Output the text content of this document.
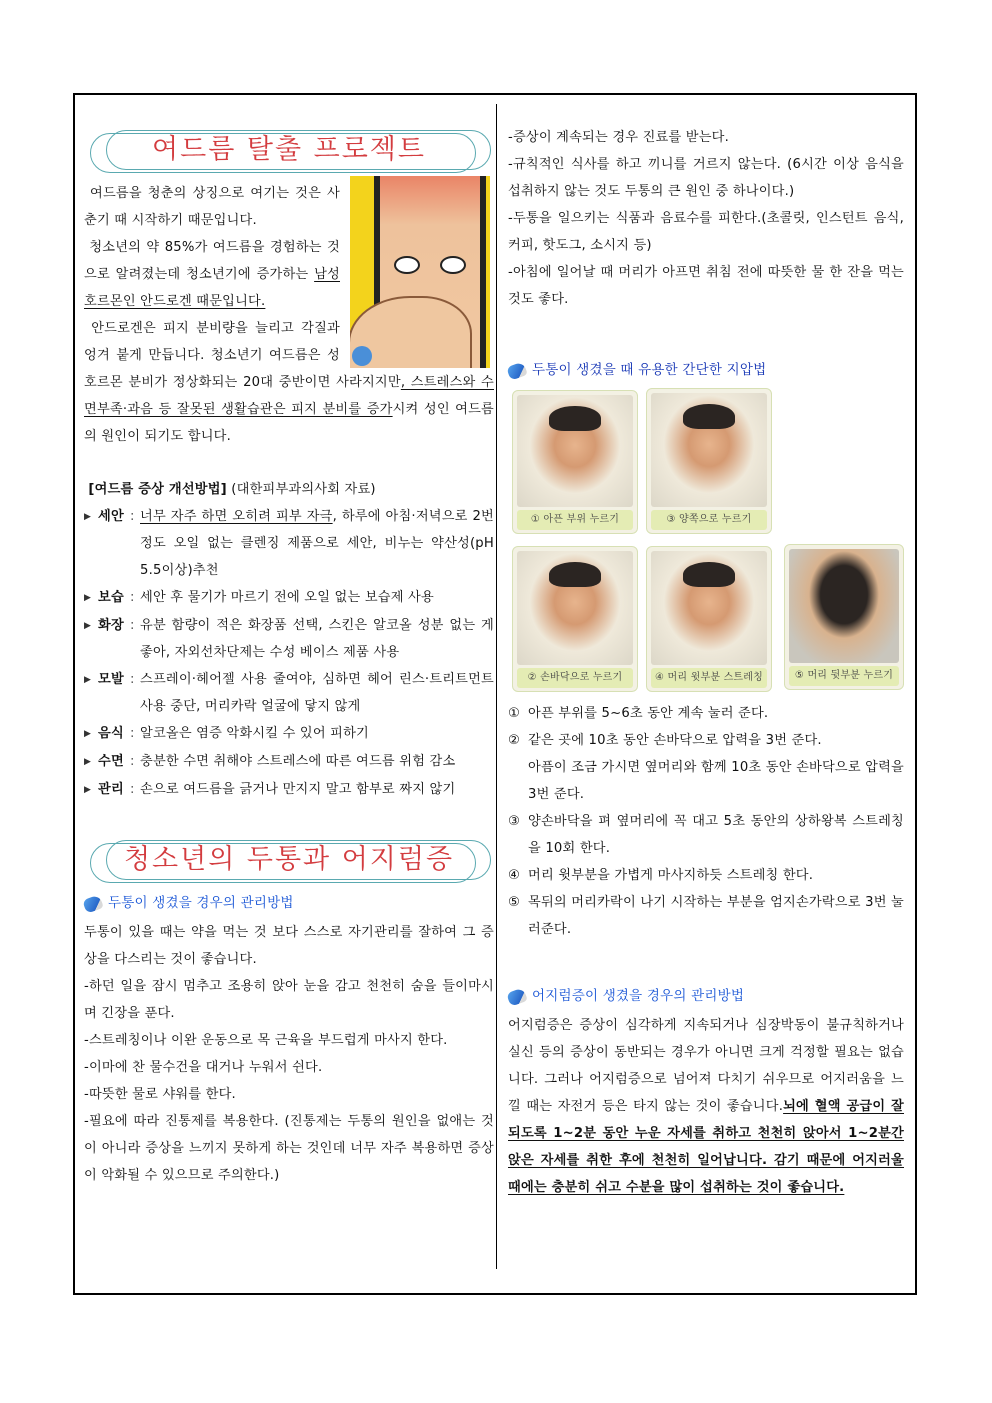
여드름 탈출 프로젝트

여드름을 청춘의 상징으로 여기는 것은 사춘기 때 시작하기 때문입니다.

청소년의 약 85%가 여드름을 경험하는 것으로 알려졌는데 청소년기에 증가하는 남성호르몬인 안드로겐 때문입니다.

안드로겐은 피지 분비량을 늘리고 각질과 엉겨 붙게 만듭니다. 청소년기 여드름은 성호르몬 분비가 정상화되는 20대 중반이면 사라지지만, 스트레스와 수면부족·과음 등 잘못된 생활습관은 피지 분비를 증가시켜 성인 여드름의 원인이 되기도 합니다.

[여드름 증상 개선방법] (대한피부과의사회 자료)

▶ 세안 : 너무 자주 하면 오히려 피부 자극, 하루에 아침·저녁으로 2번 정도 오일 없는 클렌징 제품으로 세안, 비누는 약산성(pH 5.5이상)추천
▶ 보습 : 세안 후 물기가 마르기 전에 오일 없는 보습제 사용
▶ 화장 : 유분 함량이 적은 화장품 선택, 스킨은 알코올 성분 없는 게 좋아, 자외선차단제는 수성 베이스 제품 사용
▶ 모발 : 스프레이·헤어젤 사용 줄여야, 심하면 헤어 린스·트리트먼트 사용 중단, 머리카락 얼굴에 닿지 않게
▶ 음식 : 알코올은 염증 악화시킬 수 있어 피하기
▶ 수면 : 충분한 수면 취해야 스트레스에 따른 여드름 위험 감소
▶ 관리 : 손으로 여드름을 긁거나 만지지 말고 함부로 짜지 않기
청소년의 두통과 어지럼증
두통이 생겼을 경우의 관리방법

두통이 있을 때는 약을 먹는 것 보다 스스로 자기관리를 잘하여 그 증상을 다스리는 것이 좋습니다.

-하던 일을 잠시 멈추고 조용히 앉아 눈을 감고 천천히 숨을 들이마시며 긴장을 푼다.

-스트레칭이나 이완 운동으로 목 근육을 부드럽게 마사지 한다.

-이마에 찬 물수건을 대거나 누워서 쉰다.

-따뜻한 물로 샤워를 한다.

-필요에 따라 진통제를 복용한다. (진통제는 두통의 원인을 없애는 것이 아니라 증상을 느끼지 못하게 하는 것인데 너무 자주 복용하면 증상이 악화될 수 있으므로 주의한다.)

-증상이 계속되는 경우 진료를 받는다.

-규칙적인 식사를 하고 끼니를 거르지 않는다. (6시간 이상 음식을 섭취하지 않는 것도 두통의 큰 원인 중 하나이다.)

-두통을 일으키는 식품과 음료수를 피한다.(초콜릿, 인스턴트 음식, 커피, 핫도그, 소시지 등)

-아침에 일어날 때 머리가 아프면 취침 전에 따뜻한 물 한 잔을 먹는 것도 좋다.

두통이 생겼을 때 유용한 간단한 지압법
① 아픈 부위 누르기	③ 양쪽으로 누르기
② 손바닥으로 누르기	④ 머리 윗부분 스트레칭	⑤ 머리 뒷부분 누르기

① 아픈 부위를 5~6초 동안 계속 눌러 준다.

② 같은 곳에 10초 동안 손바닥으로 압력을 3번 준다.

아픔이 조금 가시면 옆머리와 함께 10초 동안 손바닥으로 압력을 3번 준다.

③ 양손바닥을 펴 옆머리에 꼭 대고 5초 동안의 상하왕복 스트레칭을 10회 한다.

④ 머리 윗부분을 가볍게 마사지하듯 스트레칭 한다.

⑤ 목뒤의 머리카락이 나기 시작하는 부분을 엄지손가락으로 3번 눌러준다.

어지럼증이 생겼을 경우의 관리방법

어지럼증은 증상이 심각하게 지속되거나 심장박동이 불규칙하거나 실신 등의 증상이 동반되는 경우가 아니면 크게 걱정할 필요는 없습니다. 그러나 어지럼증으로 넘어져 다치기 쉬우므로 어지러움을 느낄 때는 자전거 등은 타지 않는 것이 좋습니다.뇌에 혈액 공급이 잘 되도록 1~2분 동안 누운 자세를 취하고 천천히 앉아서 1~2분간 앉은 자세를 취한 후에 천천히 일어납니다. 감기 때문에 어지러울 때에는 충분히 쉬고 수분을 많이 섭취하는 것이 좋습니다.
